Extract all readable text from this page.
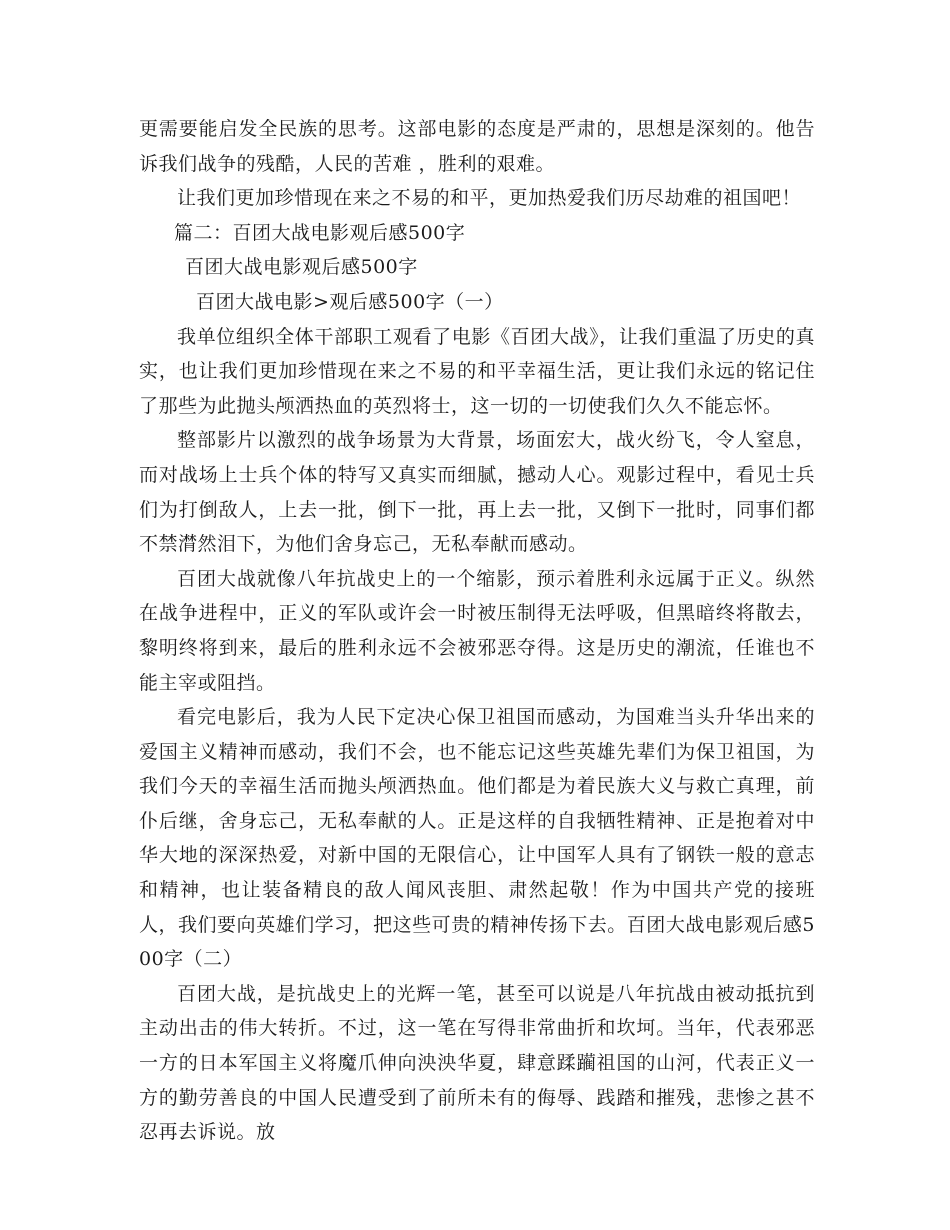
更需要能启发全民族的思考。这部电影的态度是严肃的，思想是深刻的。他告诉我们战争的残酷，人民的苦难 ，胜利的艰难。

让我们更加珍惜现在来之不易的和平，更加热爱我们历尽劫难的祖国吧！

篇二：百团大战电影观后感500字

百团大战电影观后感500字

百团大战电影>观后感500字（一）

我单位组织全体干部职工观看了电影《百团大战》，让我们重温了历史的真实，也让我们更加珍惜现在来之不易的和平幸福生活，更让我们永远的铭记住了那些为此抛头颅洒热血的英烈将士，这一切的一切使我们久久不能忘怀。

整部影片以激烈的战争场景为大背景，场面宏大，战火纷飞，令人窒息，而对战场上士兵个体的特写又真实而细腻，撼动人心。观影过程中，看见士兵们为打倒敌人，上去一批，倒下一批，再上去一批，又倒下一批时，同事们都不禁潸然泪下，为他们舍身忘己，无私奉献而感动。

百团大战就像八年抗战史上的一个缩影，预示着胜利永远属于正义。纵然在战争进程中，正义的军队或许会一时被压制得无法呼吸，但黑暗终将散去，黎明终将到来，最后的胜利永远不会被邪恶夺得。这是历史的潮流，任谁也不能主宰或阻挡。

看完电影后，我为人民下定决心保卫祖国而感动，为国难当头升华出来的爱国主义精神而感动，我们不会，也不能忘记这些英雄先辈们为保卫祖国，为我们今天的幸福生活而抛头颅洒热血。他们都是为着民族大义与救亡真理，前仆后继，舍身忘己，无私奉献的人。正是这样的自我牺牲精神、正是抱着对中华大地的深深热爱，对新中国的无限信心，让中国军人具有了钢铁一般的意志和精神，也让装备精良的敌人闻风丧胆、肃然起敬！作为中国共产党的接班人，我们要向英雄们学习，把这些可贵的精神传扬下去。百团大战电影观后感500字（二）

百团大战，是抗战史上的光辉一笔，甚至可以说是八年抗战由被动抵抗到主动出击的伟大转折。不过，这一笔在写得非常曲折和坎坷。当年，代表邪恶一方的日本军国主义将魔爪伸向泱泱华夏，肆意蹂躏祖国的山河，代表正义一方的勤劳善良的中国人民遭受到了前所未有的侮辱、践踏和摧残，悲惨之甚不忍再去诉说。放
